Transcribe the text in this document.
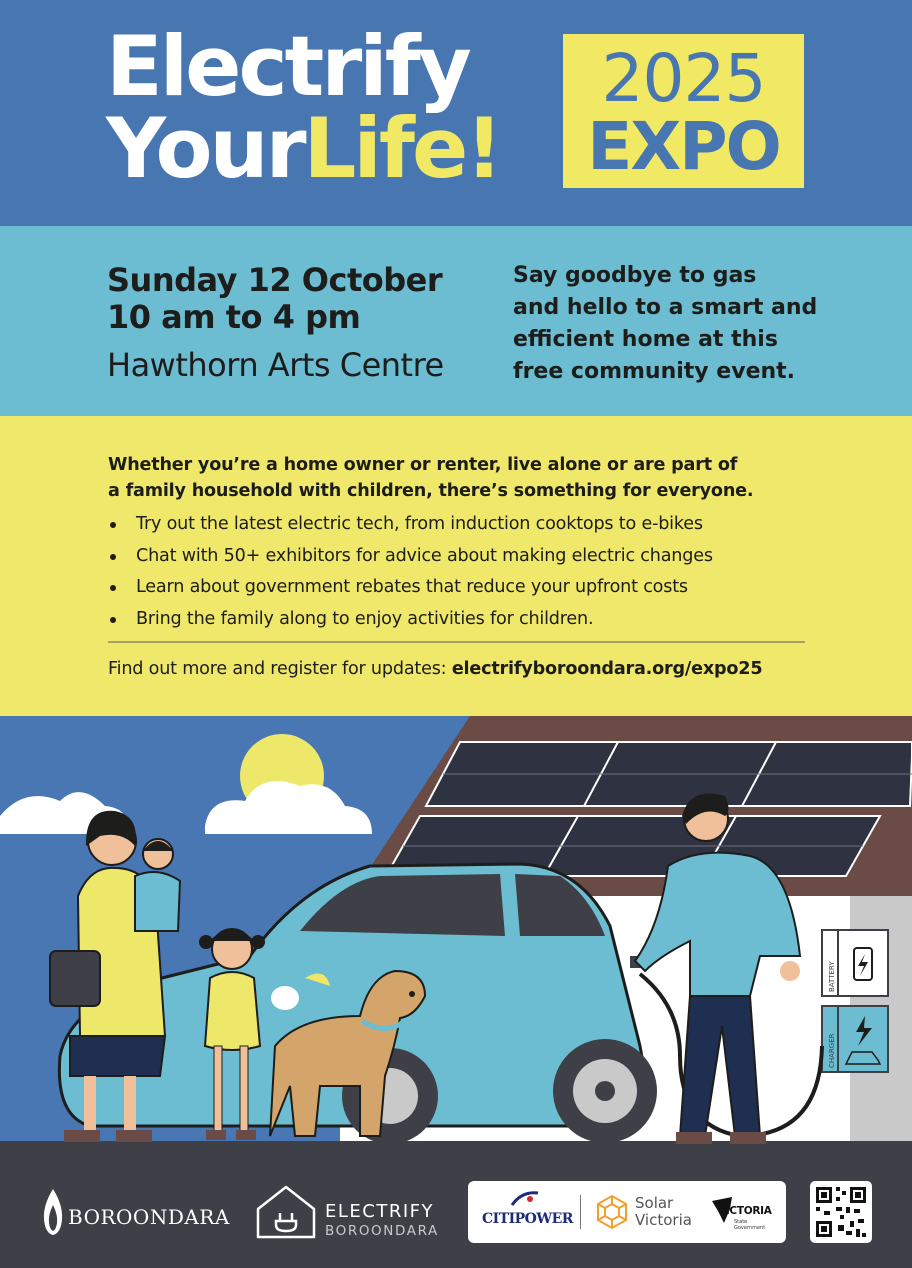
Electrify
YourLife!
2025
EXPO
Sunday 12 October
10 am to 4 pm
Hawthorn Arts Centre
Say goodbye to gas
and hello to a smart and
efficient home at this
free community event.
Whether you’re a home owner or renter, live alone or are part of
a family household with children, there’s something for everyone.
Try out the latest electric tech, from induction cooktops to e-bikes
Chat with 50+ exhibitors for advice about making electric changes
Learn about government rebates that reduce your upfront costs
Bring the family along to enjoy activities for children.
Find out more and register for updates: electrifyboroondara.org/expo25
BATTERY
CHARGER
BOROONDARA	ELECTRIFY
BOROONDARA
CITIPOWER
Solar
Victoria VICTORIA
State
Government
